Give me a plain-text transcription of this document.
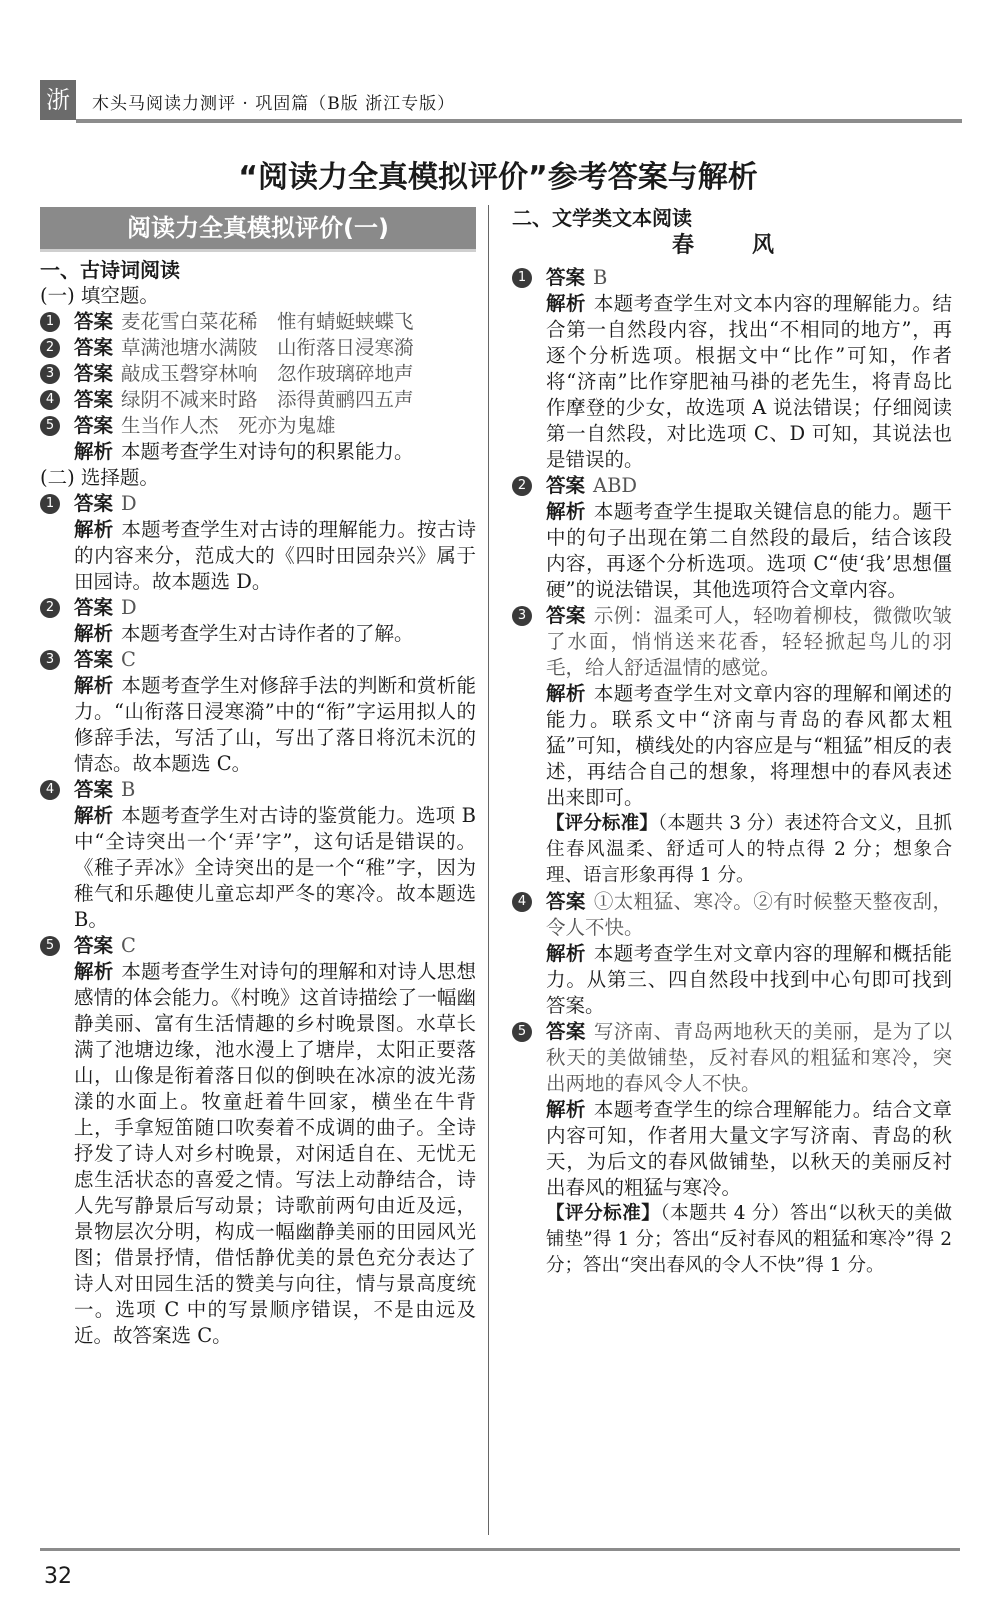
浙	木头马阅读力测评 · 巩固篇（B版 浙江专版）
“阅读力全真模拟评价”参考答案与解析
阅读力全真模拟评价(一)
一、古诗词阅读
(一) 填空题。
1	答案 麦花雪白菜花稀　惟有蜻蜓蛱蝶飞
2	答案 草满池塘水满陂　山衔落日浸寒漪
3	答案 敲成玉磬穿林响　忽作玻璃碎地声
4	答案 绿阴不减来时路　添得黄鹂四五声
5	答案 生当作人杰　死亦为鬼雄
解析 本题考查学生对诗句的积累能力。
(二) 选择题。
1	答案 D
解析 本题考查学生对古诗的理解能力。按古诗的内容来分，范成大的《四时田园杂兴》属于田园诗。故本题选 D。
2	答案 D
解析 本题考查学生对古诗作者的了解。
3	答案 C
解析 本题考查学生对修辞手法的判断和赏析能力。“山衔落日浸寒漪”中的“衔”字运用拟人的修辞手法，写活了山，写出了落日将沉未沉的情态。故本题选 C。
4	答案 B
解析 本题考查学生对古诗的鉴赏能力。选项 B 中“全诗突出一个‘弄’字”，这句话是错误的。《稚子弄冰》全诗突出的是一个“稚”字，因为稚气和乐趣使儿童忘却严冬的寒冷。故本题选 B。
5	答案 C
解析 本题考查学生对诗句的理解和对诗人思想感情的体会能力。《村晚》这首诗描绘了一幅幽静美丽、富有生活情趣的乡村晚景图。水草长满了池塘边缘，池水漫上了塘岸，太阳正要落山，山像是衔着落日似的倒映在冰凉的波光荡漾的水面上。牧童赶着牛回家，横坐在牛背上，手拿短笛随口吹奏着不成调的曲子。全诗抒发了诗人对乡村晚景，对闲适自在、无忧无虑生活状态的喜爱之情。写法上动静结合，诗人先写静景后写动景；诗歌前两句由近及远，景物层次分明，构成一幅幽静美丽的田园风光图；借景抒情，借恬静优美的景色充分表达了诗人对田园生活的赞美与向往，情与景高度统一。选项 C 中的写景顺序错误，不是由远及近。故答案选 C。
二、文学类文本阅读
春　风
1	答案 B
解析 本题考查学生对文本内容的理解能力。结合第一自然段内容，找出“不相同的地方”，再逐个分析选项。根据文中“比作”可知，作者将“济南”比作穿肥袖马褂的老先生，将青岛比作摩登的少女，故选项 A 说法错误；仔细阅读第一自然段，对比选项 C、D 可知，其说法也是错误的。
2	答案 ABD
解析 本题考查学生提取关键信息的能力。题干中的句子出现在第二自然段的最后，结合该段内容，再逐个分析选项。选项 C“使‘我’思想僵硬”的说法错误，其他选项符合文章内容。
3	答案 示例：温柔可人，轻吻着柳枝，微微吹皱了水面，悄悄送来花香，轻轻掀起鸟儿的羽毛，给人舒适温情的感觉。
解析 本题考查学生对文章内容的理解和阐述的能力。联系文中“济南与青岛的春风都太粗猛”可知，横线处的内容应是与“粗猛”相反的表述，再结合自己的想象，将理想中的春风表述出来即可。
【评分标准】（本题共 3 分）表述符合文义，且抓住春风温柔、舒适可人的特点得 2 分；想象合理、语言形象再得 1 分。
4	答案 ①太粗猛、寒冷。②有时候整天整夜刮，令人不快。
解析 本题考查学生对文章内容的理解和概括能力。从第三、四自然段中找到中心句即可找到答案。
5	答案 写济南、青岛两地秋天的美丽，是为了以秋天的美做铺垫，反衬春风的粗猛和寒冷，突出两地的春风令人不快。
解析 本题考查学生的综合理解能力。结合文章内容可知，作者用大量文字写济南、青岛的秋天，为后文的春风做铺垫，以秋天的美丽反衬出春风的粗猛与寒冷。
【评分标准】（本题共 4 分）答出“以秋天的美做铺垫”得 1 分；答出“反衬春风的粗猛和寒冷”得 2 分；答出“突出春风的令人不快”得 1 分。
32
